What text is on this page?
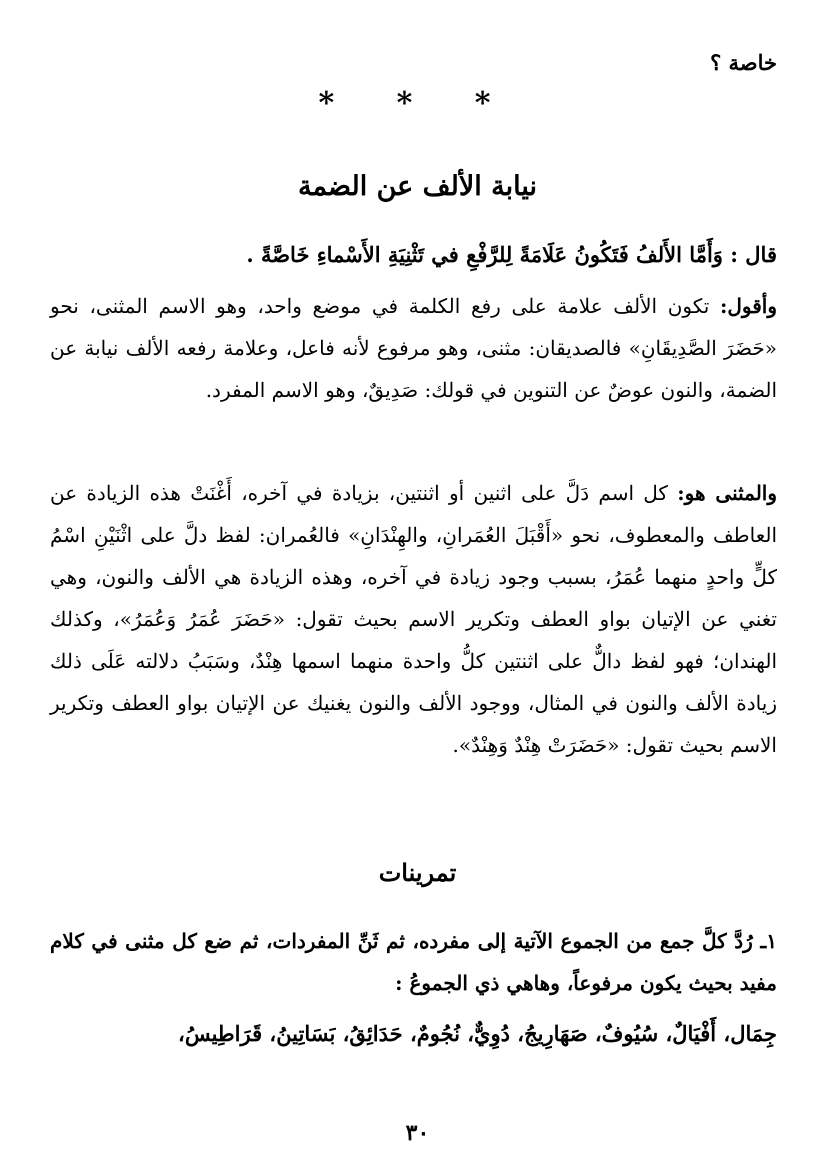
خاصة ؟
* * *
نيابة الألف عن الضمة

قال : وَأَمَّا الأَلفُ فَتَكُونُ عَلَامَةً لِلرَّفْعِ في تَثْنِيَةِ الأَسْماءِ خَاصَّةً .

وأقول: تكون الألف علامة على رفع الكلمة في موضع واحد، وهو الاسم المثنى، نحو «حَضَرَ الصَّدِيقَانِ» فالصديقان: مثنى، وهو مرفوع لأنه فاعل، وعلامة رفعه الألف نيابة عن الضمة، والنون عوضٌ عن التنوين في قولك: صَدِيقٌ، وهو الاسم المفرد.

والمثنى هو: كل اسم دَلَّ على اثنين أو اثنتين، بزيادة في آخره، أَغْنَتْ هذه الزيادة عن العاطف والمعطوف، نحو «أَقْبَلَ العُمَرانِ، والهِنْدَانِ» فالعُمران: لفظ دلَّ على اثْنَيْنِ اسْمُ كلٍّ واحدٍ منهما عُمَرُ، بسبب وجود زيادة في آخره، وهذه الزيادة هي الألف والنون، وهي تغني عن الإتيان بواو العطف وتكرير الاسم بحيث تقول: «حَضَرَ عُمَرُ وَعُمَرُ»، وكذلك الهندان؛ فهو لفظ دالٌّ على اثنتين كلُّ واحدة منهما اسمها هِنْدٌ، وسَبَبُ دلالته عَلَى ذلك زيادة الألف والنون في المثال، ووجود الألف والنون يغنيك عن الإتيان بواو العطف وتكرير الاسم بحيث تقول: «حَضَرَتْ هِنْدٌ وَهِنْدٌ».

تمرينات

١ـ رُدَّ كلَّ جمع من الجموع الآتية إلى مفرده، ثم ثَنِّ المفردات، ثم ضع كل مثنى في كلام مفيد بحيث يكون مرفوعاً، وهاهي ذي الجموعُ :

جِمَال، أَفْيَالٌ، سُيُوفٌ، صَهَارِيجُ، دُوِيٌّ، نُجُومٌ، حَدَائِقُ، بَسَاتِينُ، قَرَاطِيسُ،

٣٠
